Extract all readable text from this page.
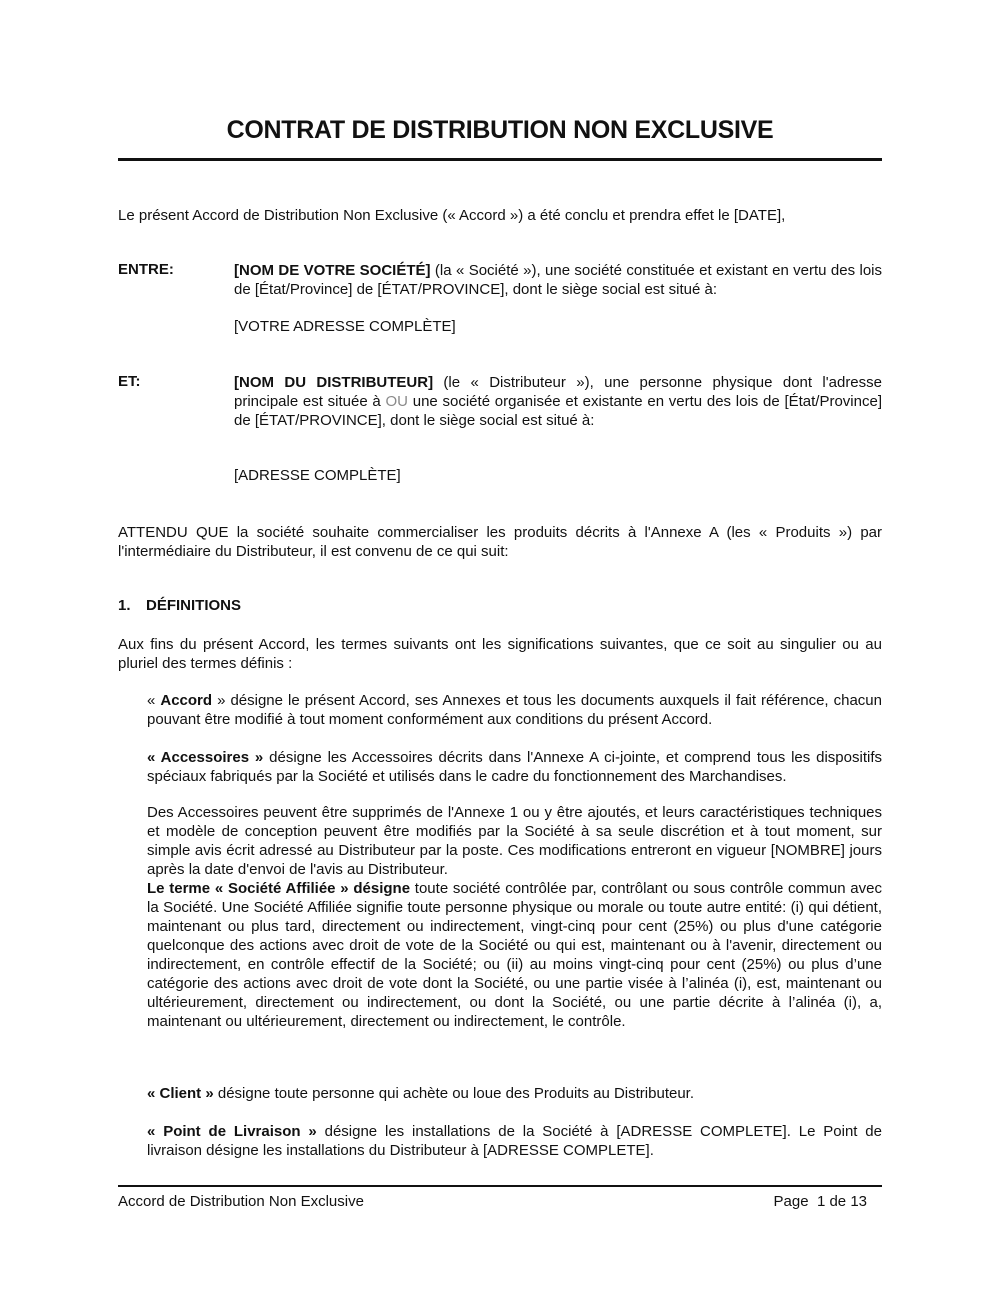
CONTRAT DE DISTRIBUTION NON EXCLUSIVE
Le présent Accord de Distribution Non Exclusive (« Accord ») a été conclu et prendra effet le [DATE],
ENTRE:	[NOM DE VOTRE SOCIÉTÉ] (la « Société »), une société constituée et existant en vertu des lois de [État/Province] de [ÉTAT/PROVINCE], dont le siège social est situé à:
[VOTRE ADRESSE COMPLÈTE]
ET:	[NOM DU DISTRIBUTEUR] (le « Distributeur »), une personne physique dont l'adresse principale est située à OU une société organisée et existante en vertu des lois de [État/Province] de [ÉTAT/PROVINCE], dont le siège social est situé à:
[ADRESSE COMPLÈTE]
ATTENDU QUE la société souhaite commercialiser les produits décrits à l'Annexe A (les « Produits ») par l'intermédiaire du Distributeur, il est convenu de ce qui suit:
1. DÉFINITIONS
Aux fins du présent Accord, les termes suivants ont les significations suivantes, que ce soit au singulier ou au pluriel des termes définis :
« Accord » désigne le présent Accord, ses Annexes et tous les documents auxquels il fait référence, chacun pouvant être modifié à tout moment conformément aux conditions du présent Accord.
« Accessoires » désigne les Accessoires décrits dans l'Annexe A ci-jointe, et comprend tous les dispositifs spéciaux fabriqués par la Société et utilisés dans le cadre du fonctionnement des Marchandises.
Des Accessoires peuvent être supprimés de l'Annexe 1 ou y être ajoutés, et leurs caractéristiques techniques et modèle de conception peuvent être modifiés par la Société à sa seule discrétion et à tout moment, sur simple avis écrit adressé au Distributeur par la poste. Ces modifications entreront en vigueur [NOMBRE] jours après la date d'envoi de l'avis au Distributeur.
Le terme « Société Affiliée » désigne toute société contrôlée par, contrôlant ou sous contrôle commun avec la Société. Une Société Affiliée signifie toute personne physique ou morale ou toute autre entité: (i) qui détient, maintenant ou plus tard, directement ou indirectement, vingt-cinq pour cent (25%) ou plus d'une catégorie quelconque des actions avec droit de vote de la Société ou qui est, maintenant ou à l'avenir, directement ou indirectement, en contrôle effectif de la Société; ou (ii) au moins vingt-cinq pour cent (25%) ou plus d’une catégorie des actions avec droit de vote dont la Société, ou une partie visée à l’alinéa (i), est, maintenant ou ultérieurement, directement ou indirectement, ou dont la Société, ou une partie décrite à l’alinéa (i), a, maintenant ou ultérieurement, directement ou indirectement, le contrôle.
« Client » désigne toute personne qui achète ou loue des Produits au Distributeur.
« Point de Livraison » désigne les installations de la Société à [ADRESSE COMPLETE]. Le Point de livraison désigne les installations du Distributeur à [ADRESSE COMPLETE].
Accord de Distribution Non Exclusive	Page 1 de 13
